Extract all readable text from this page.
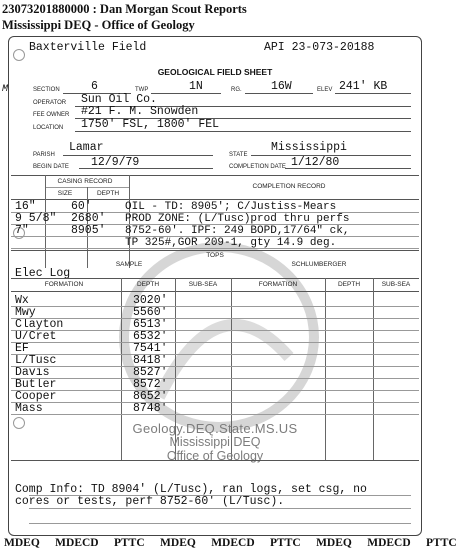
23073201880000 : Dan Morgan Scout Reports
Mississippi DEQ - Office of Geology
Baxterville Field	API 23-073-20188
M
GEOLOGICAL FIELD SHEET
SECTION	6	TWP	1N	RG.	16W	ELEV 241' KB
OPERATOR Sun Oil Co.
FEE OWNER #21 F. M. Snowden
LOCATION 1750' FSL, 1800' FEL
PARISH
Lamar
STATE
Mississippi
BEGIN DATE 12/9/79	COMPLETION DATE 1/12/80
CASING RECORD
COMPLETION RECORD
SIZE	DEPTH
16"	60'
9 5/8" 2680'
7"	8905'
OIL - TD: 8905'; C/Justiss-Mears
PROD ZONE: (L/Tusc)prod thru perfs
8752-60'. IPF: 249 BOPD,17/64" ck,
TP 325#,GOR 209-1, gty 14.9 deg.
TOPS
SAMPLE	SCHLUMBERGER
Elec Log
FORMATION	DEPTH	SUB-SEA	FORMATION	DEPTH	SUB-SEA
Geology.DEQ.State.MS.US
Mississippi DEQ
Office of Geology
Wx	3020'
Mwy	5560'
Clayton	6513'
U/Cret	6532'
EF	7541'
L/Tusc	8418'
Davis	8527'
Butler	8572'
Cooper	8652'
Mass	8748'
Comp Info: TD 8904' (L/Tusc), ran logs, set csg, no
cores or tests, perf 8752-60' (L/Tusc).
MDEQ MDECD PTTC MDEQ MDECD PTTC MDEQ MDECD PTTC
